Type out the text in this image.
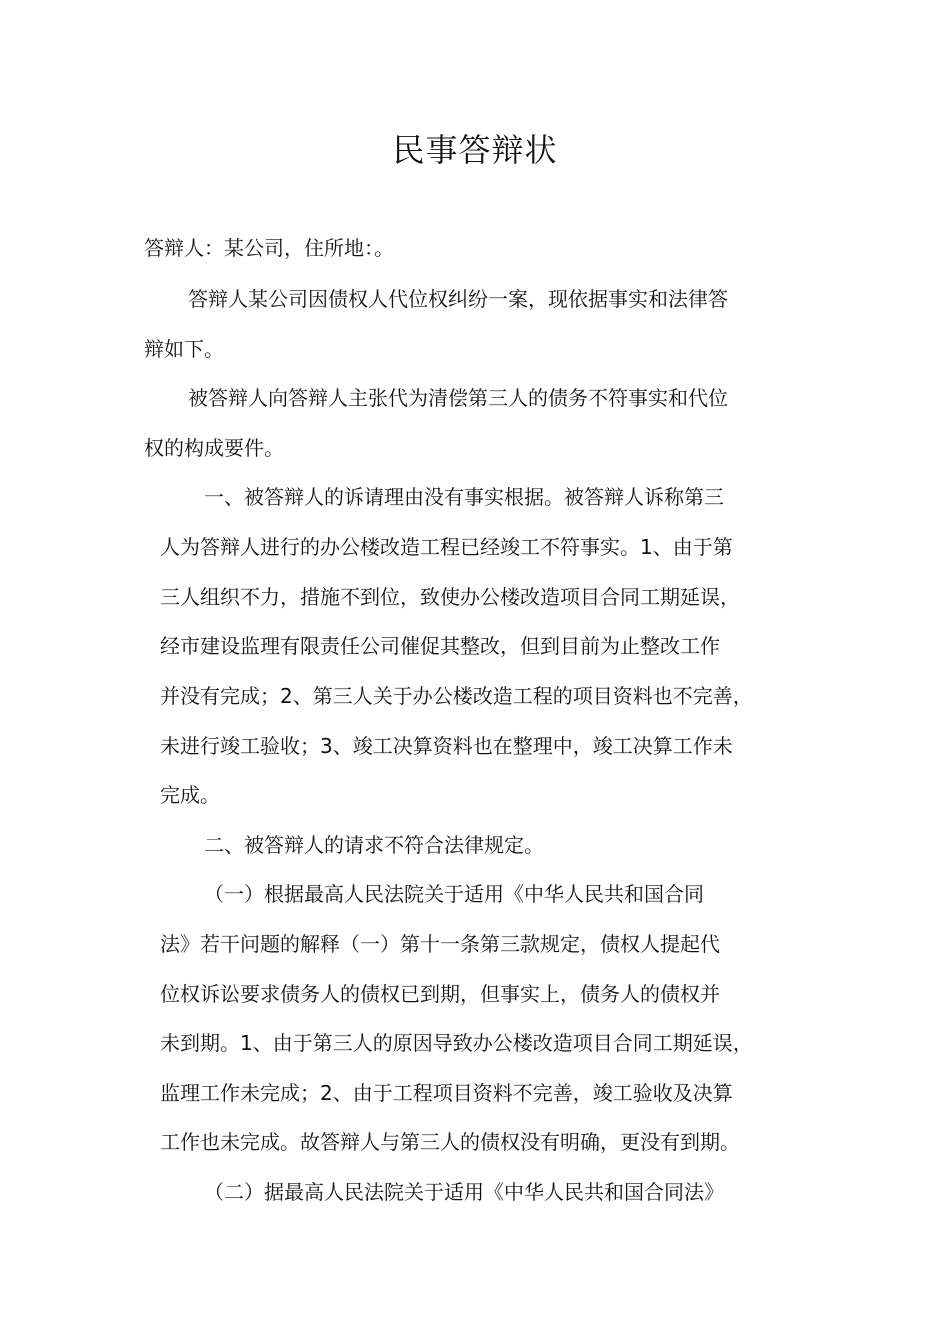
民事答辩状

答辩人：某公司，住所地：。

答辩人某公司因债权人代位权纠纷一案，现依据事实和法律答

辩如下。

被答辩人向答辩人主张代为清偿第三人的债务不符事实和代位

权的构成要件。

一、被答辩人的诉请理由没有事实根据。被答辩人诉称第三

人为答辩人进行的办公楼改造工程已经竣工不符事实。1、由于第

三人组织不力，措施不到位，致使办公楼改造项目合同工期延误，

经市建设监理有限责任公司催促其整改，但到目前为止整改工作

并没有完成；2、第三人关于办公楼改造工程的项目资料也不完善，

未进行竣工验收；3、竣工决算资料也在整理中，竣工决算工作未

完成。

二、被答辩人的请求不符合法律规定。

（一）根据最高人民法院关于适用《中华人民共和国合同

法》若干问题的解释（一）第十一条第三款规定，债权人提起代

位权诉讼要求债务人的债权已到期，但事实上，债务人的债权并

未到期。1、由于第三人的原因导致办公楼改造项目合同工期延误，

监理工作未完成；2、由于工程项目资料不完善，竣工验收及决算

工作也未完成。故答辩人与第三人的债权没有明确，更没有到期。

（二）据最高人民法院关于适用《中华人民共和国合同法》
